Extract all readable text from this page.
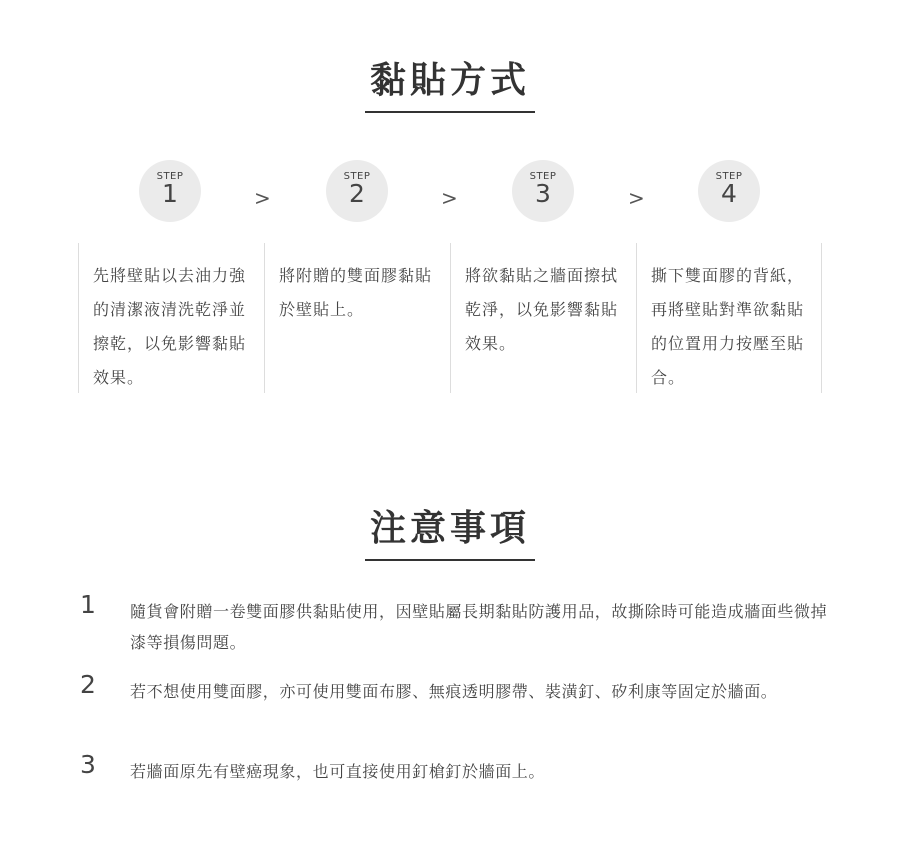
黏貼方式
STEP
1
STEP
2
STEP
3
STEP
4
>	>	>
先將壁貼以去油力強的清潔液清洗乾淨並擦乾，以免影響黏貼效果。
將附贈的雙面膠黏貼於壁貼上。
將欲黏貼之牆面擦拭乾淨，以免影響黏貼效果。
撕下雙面膠的背紙，再將壁貼對準欲黏貼的位置用力按壓至貼合。
注意事項
1 隨貨會附贈一卷雙面膠供黏貼使用，因壁貼屬長期黏貼防護用品，故撕除時可能造成牆面些微掉漆等損傷問題。
2 若不想使用雙面膠，亦可使用雙面布膠、無痕透明膠帶、裝潢釘、矽利康等固定於牆面。
3 若牆面原先有壁癌現象，也可直接使用釘槍釘於牆面上。
